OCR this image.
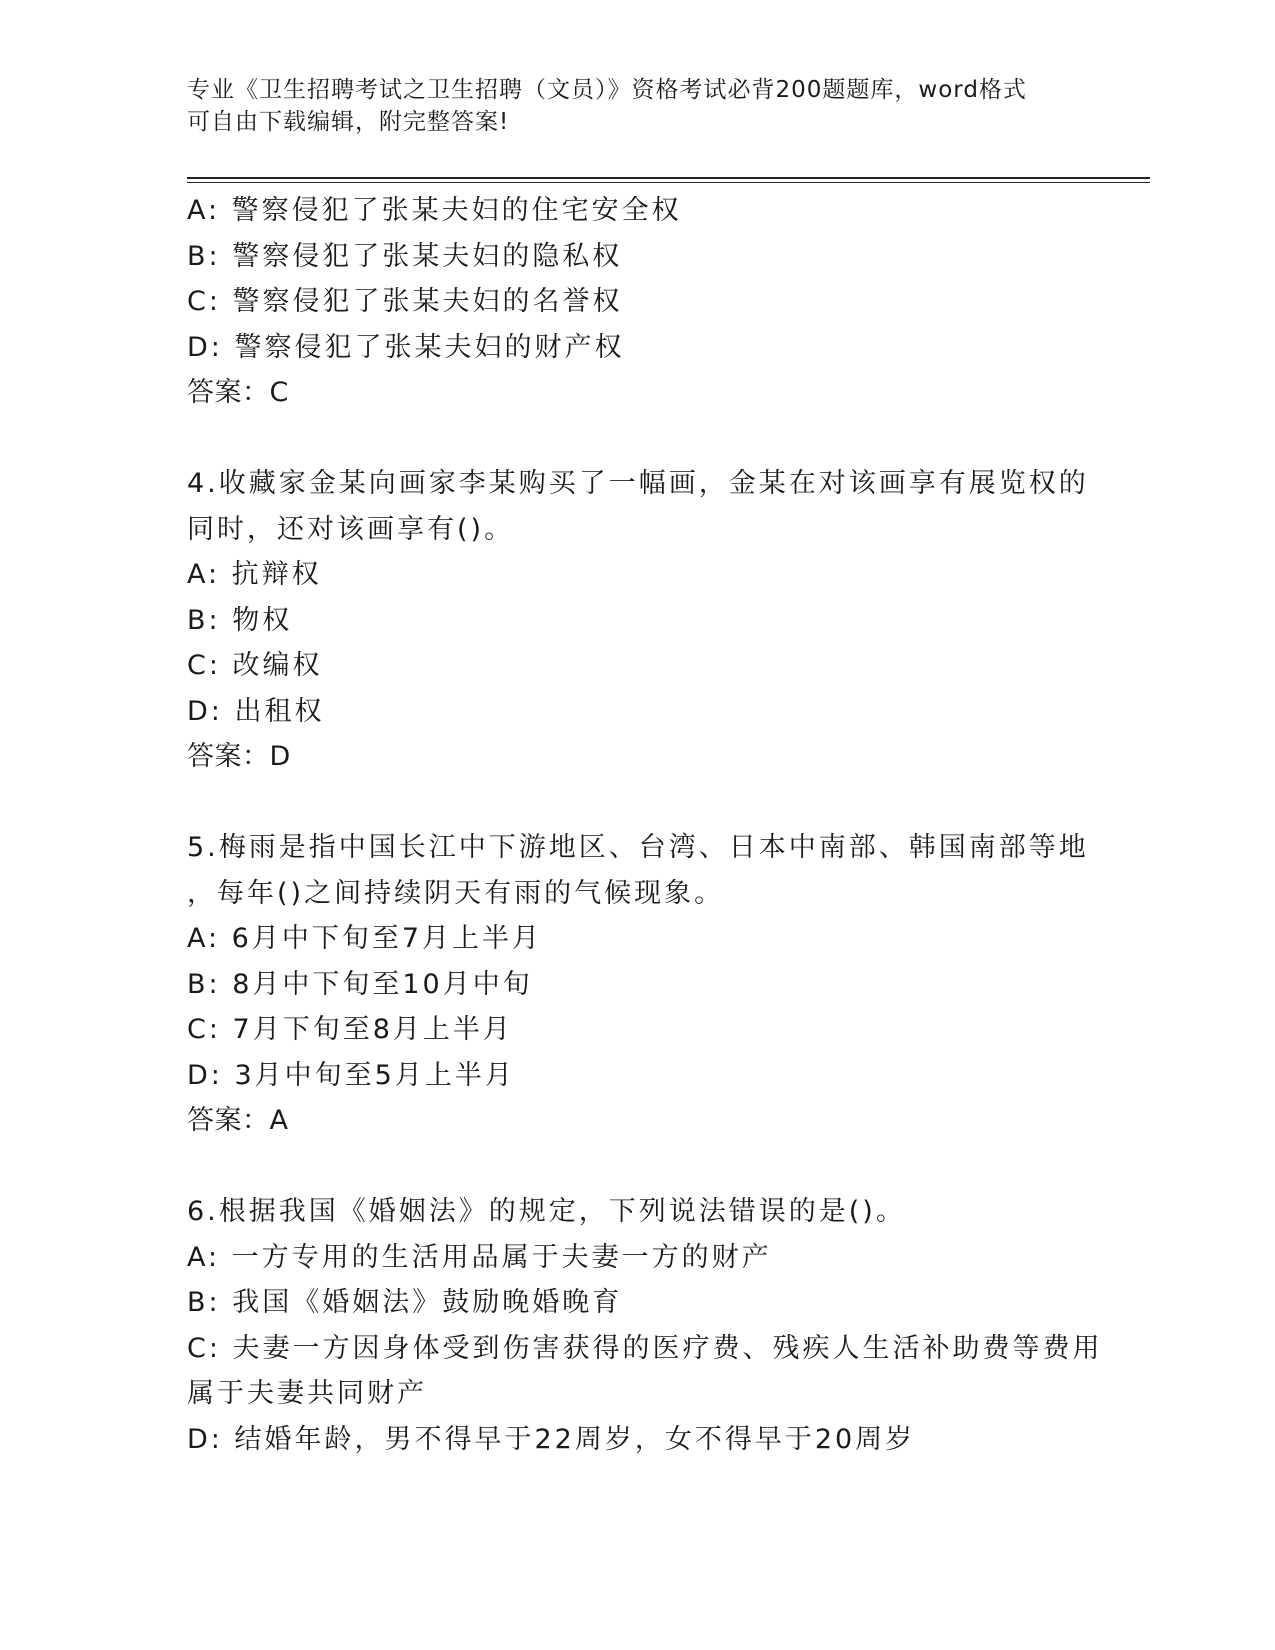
专业《卫生招聘考试之卫生招聘（文员）》资格考试必背200题题库，word格式
可自由下载编辑，附完整答案!
A: 警察侵犯了张某夫妇的住宅安全权
B: 警察侵犯了张某夫妇的隐私权
C: 警察侵犯了张某夫妇的名誉权
D: 警察侵犯了张某夫妇的财产权
答案：C
4.收藏家金某向画家李某购买了一幅画，金某在对该画享有展览权的
同时，还对该画享有()。
A: 抗辩权
B: 物权
C: 改编权
D: 出租权
答案：D
5.梅雨是指中国长江中下游地区、台湾、日本中南部、韩国南部等地
，每年()之间持续阴天有雨的气候现象。
A: 6月中下旬至7月上半月
B: 8月中下旬至10月中旬
C: 7月下旬至8月上半月
D: 3月中旬至5月上半月
答案：A
6.根据我国《婚姻法》的规定，下列说法错误的是()。
A: 一方专用的生活用品属于夫妻一方的财产
B: 我国《婚姻法》鼓励晚婚晚育
C: 夫妻一方因身体受到伤害获得的医疗费、残疾人生活补助费等费用
属于夫妻共同财产
D: 结婚年龄，男不得早于22周岁，女不得早于20周岁
